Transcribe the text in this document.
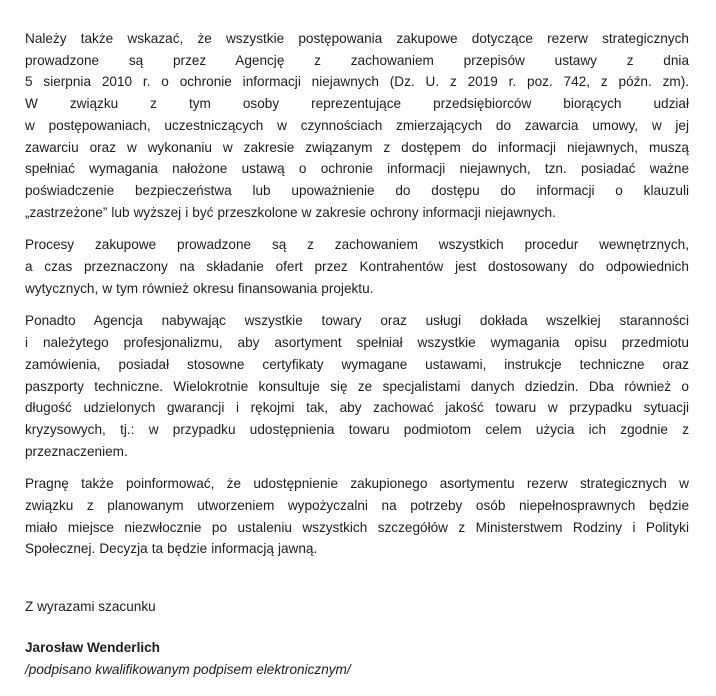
Należy także wskazać, że wszystkie postępowania zakupowe dotyczące rezerw strategicznych
prowadzone są przez Agencję z zachowaniem przepisów ustawy z dnia
5 sierpnia 2010 r. o ochronie informacji niejawnych (Dz. U. z 2019 r. poz. 742, z późn. zm).
W związku z tym osoby reprezentujące przedsiębiorców biorących udział
w postępowaniach, uczestniczących w czynnościach zmierzających do zawarcia umowy, w jej
zawarciu oraz w wykonaniu w zakresie związanym z dostępem do informacji niejawnych, muszą
spełniać wymagania nałożone ustawą o ochronie informacji niejawnych, tzn. posiadać ważne
poświadczenie bezpieczeństwa lub upoważnienie do dostępu do informacji o klauzuli
„zastrzeżone” lub wyższej i być przeszkolone w zakresie ochrony informacji niejawnych.
Procesy zakupowe prowadzone są z zachowaniem wszystkich procedur wewnętrznych,
a czas przeznaczony na składanie ofert przez Kontrahentów jest dostosowany do odpowiednich
wytycznych, w tym również okresu finansowania projektu.
Ponadto Agencja nabywając wszystkie towary oraz usługi dokłada wszelkiej staranności
i należytego profesjonalizmu, aby asortyment spełniał wszystkie wymagania opisu przedmiotu
zamówienia, posiadał stosowne certyfikaty wymagane ustawami, instrukcje techniczne oraz
paszporty techniczne. Wielokrotnie konsultuje się ze specjalistami danych dziedzin. Dba również o
długość udzielonych gwarancji i rękojmi tak, aby zachować jakość towaru w przypadku sytuacji
kryzysowych, tj.: w przypadku udostępnienia towaru podmiotom celem użycia ich zgodnie z
przeznaczeniem.
Pragnę także poinformować, że udostępnienie zakupionego asortymentu rezerw strategicznych w
związku z planowanym utworzeniem wypożyczalni na potrzeby osób niepełnosprawnych będzie
miało miejsce niezwłocznie po ustaleniu wszystkich szczegółów z Ministerstwem Rodziny i Polityki
Społecznej. Decyzja ta będzie informacją jawną.

Z wyrazami szacunku

Jarosław Wenderlich

/podpisano kwalifikowanym podpisem elektronicznym/
